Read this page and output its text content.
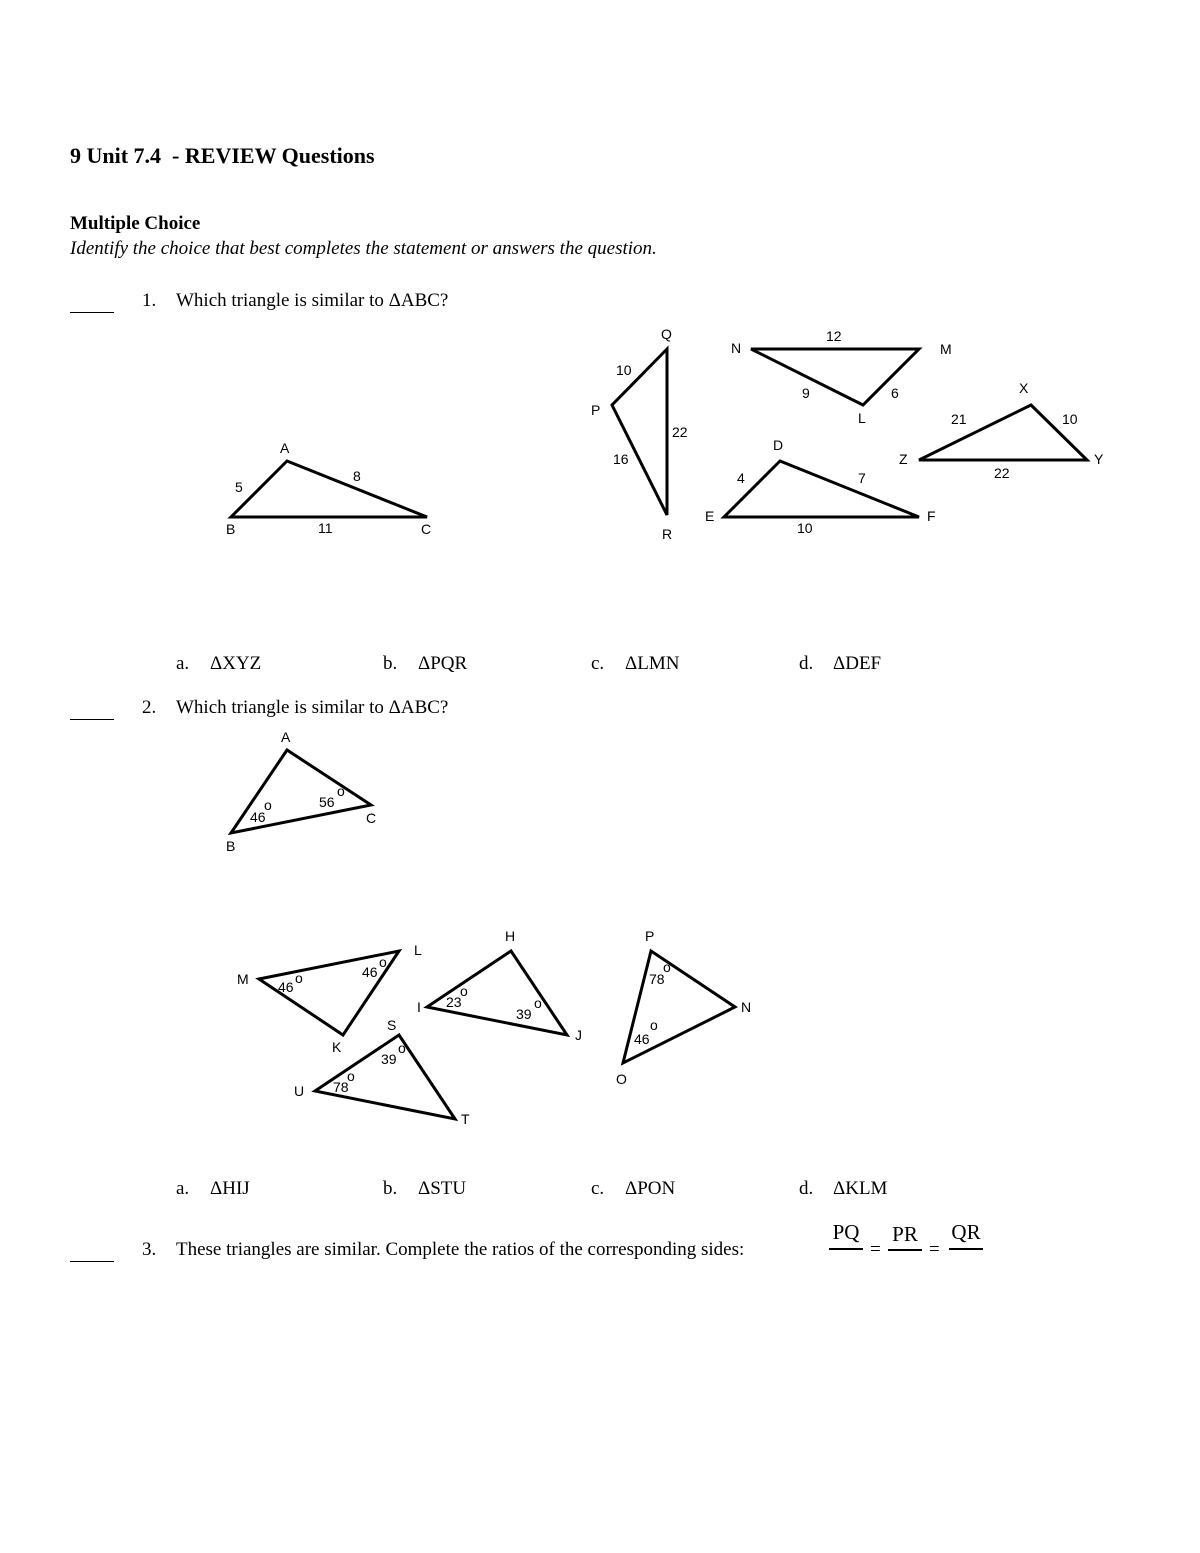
9 Unit 7.4  - REVIEW Questions
Multiple Choice
Identify the choice that best completes the statement or answers the question.
1. Which triangle is similar to ΔABC?
A
B	C
5
8
11
Q
P
R
10
22
16
N	M
L
12
9	6	X
Z	Y
21	10
22
D
E	F
4	7
10
a. ΔXYZ	b. ΔPQR	c. ΔLMN	d. ΔDEF
2. Which triangle is similar to ΔABC?
A
B
C
46
o	56
o
M
L
K
46
o	46
o
H
I
J
23
o
39
o
P
N
O
78
o
46
o
S
U
T
39
o
78
o
a. ΔHIJ	b. ΔSTU	c. ΔPON	d. ΔKLM
3. These triangles are similar. Complete the ratios of the corresponding sides:
PQ
=
PR
=
QR
